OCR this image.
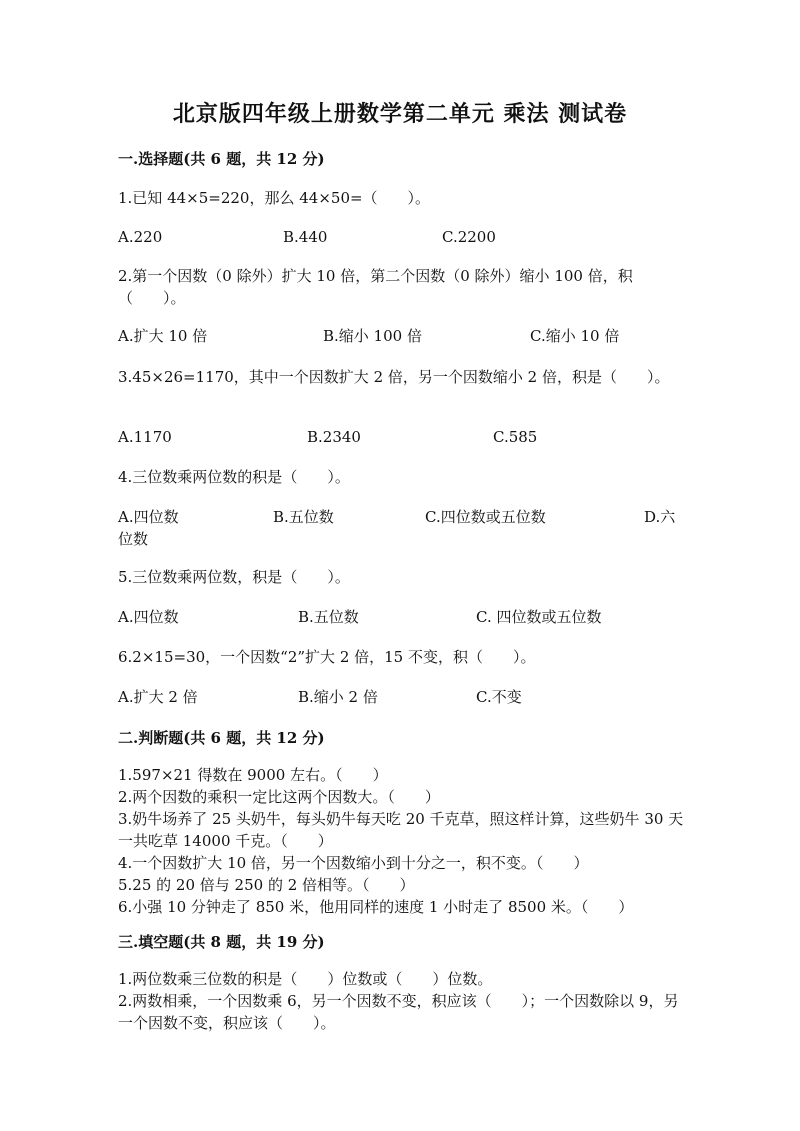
北京版四年级上册数学第二单元 乘法 测试卷
一.选择题(共 6 题，共 12 分)
1.已知 44×5=220，那么 44×50=（　　）。
A.220	B.440	C.2200
2.第一个因数（0 除外）扩大 10 倍，第二个因数（0 除外）缩小 100 倍，积（　　）。
A.扩大 10 倍	B.缩小 100 倍	C.缩小 10 倍
3.45×26=1170，其中一个因数扩大 2 倍，另一个因数缩小 2 倍，积是（　　）。
A.1170	B.2340	C.585
4.三位数乘两位数的积是（　　）。
A.四位数	B.五位数	C.四位数或五位数	D.六
位数
5.三位数乘两位数，积是（　　）。
A.四位数	B.五位数	C. 四位数或五位数
6.2×15=30，一个因数“2”扩大 2 倍，15 不变，积（　　）。
A.扩大 2 倍	B.缩小 2 倍	C.不变
二.判断题(共 6 题，共 12 分)
1.597×21 得数在 9000 左右。（　　）
2.两个因数的乘积一定比这两个因数大。（　　）
3.奶牛场养了 25 头奶牛，每头奶牛每天吃 20 千克草，照这样计算，这些奶牛 30 天一共吃草 14000 千克。（　　）
4.一个因数扩大 10 倍，另一个因数缩小到十分之一，积不变。（　　）
5.25 的 20 倍与 250 的 2 倍相等。（　　）
6.小强 10 分钟走了 850 米，他用同样的速度 1 小时走了 8500 米。（　　）
三.填空题(共 8 题，共 19 分)
1.两位数乘三位数的积是（　　）位数或（　　）位数。
2.两数相乘，一个因数乘 6，另一个因数不变，积应该（　　）；一个因数除以 9，另一个因数不变，积应该（　　）。
